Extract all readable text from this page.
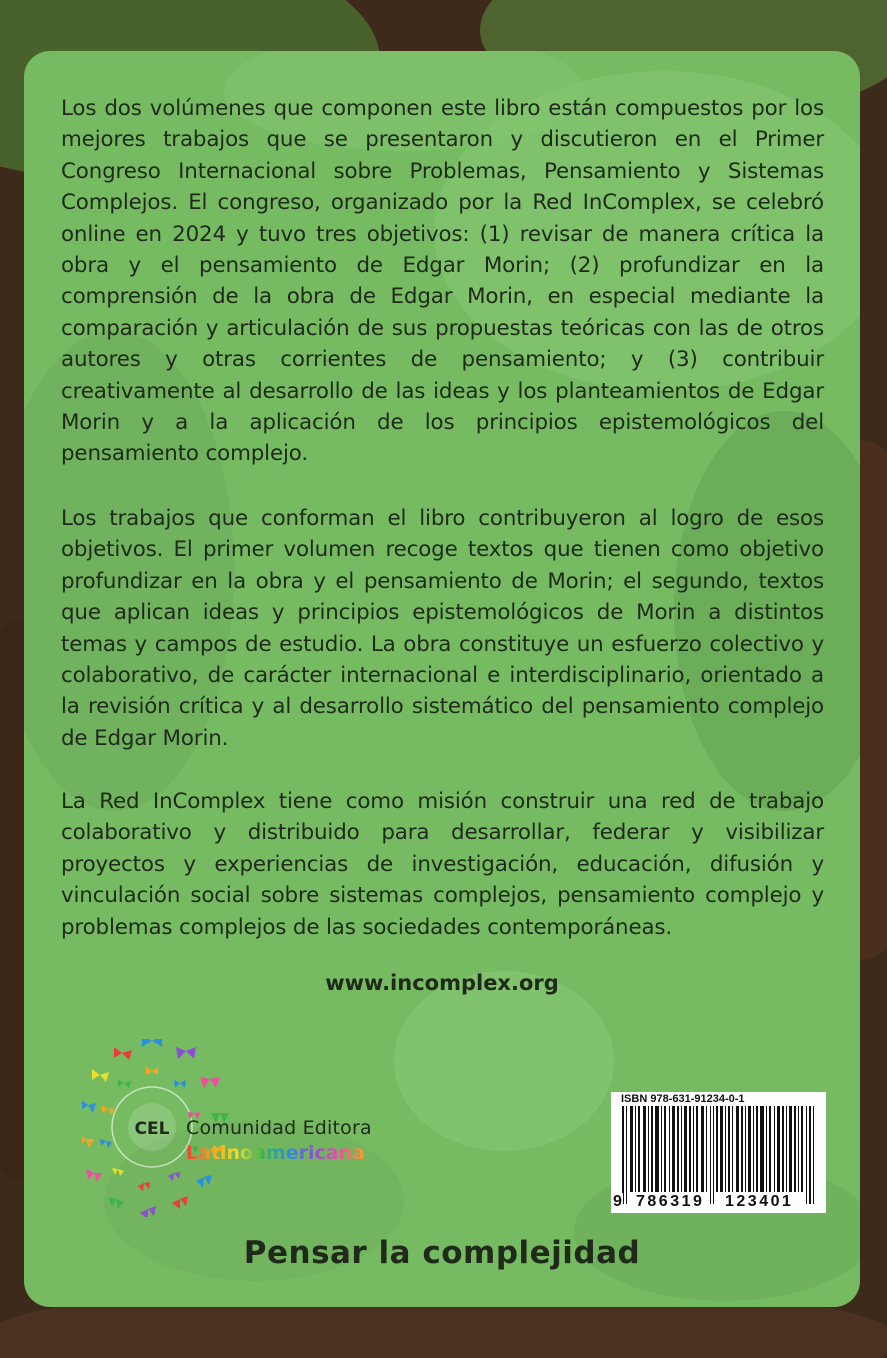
Los dos volúmenes que componen este libro están compuestos por los mejores trabajos que se presentaron y discutieron en el Primer Congreso Internacional sobre Problemas, Pensamiento y Sistemas Complejos. El congreso, organizado por la Red InComplex, se celebró online en 2024 y tuvo tres objetivos: (1) revisar de manera crítica la obra y el pensamiento de Edgar Morin; (2) profundizar en la comprensión de la obra de Edgar Morin, en especial mediante la comparación y articulación de sus propuestas teóricas con las de otros autores y otras corrientes de pensamiento; y (3) contribuir creativamente al desarrollo de las ideas y los planteamientos de Edgar Morin y a la aplicación de los principios epistemológicos del pensamiento complejo.

Los trabajos que conforman el libro contribuyeron al logro de esos objetivos. El primer volumen recoge textos que tienen como objetivo profundizar en la obra y el pensamiento de Morin; el segundo, textos que aplican ideas y principios epistemológicos de Morin a distintos temas y campos de estudio. La obra constituye un esfuerzo colectivo y colaborativo, de carácter internacional e interdisciplinario, orientado a la revisión crítica y al desarrollo sistemático del pensamiento complejo de Edgar Morin.

La Red InComplex tiene como misión construir una red de trabajo colaborativo y distribuido para desarrollar, federar y visibilizar proyectos y experiencias de investigación, educación, difusión y vinculación social sobre sistemas complejos, pensamiento complejo y problemas complejos de las sociedades contemporáneas.

www.incomplex.org
CEL Comunidad Editora
Latinoamericana
ISBN 978-631-91234-0-1
9 786319 123401
Pensar la complejidad
